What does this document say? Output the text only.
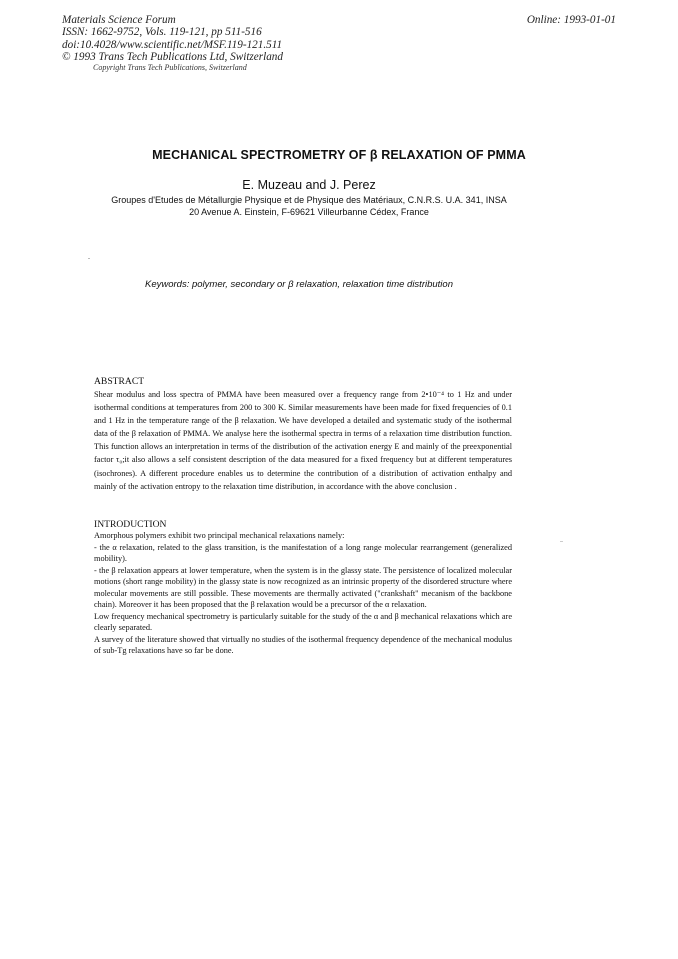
Materials Science Forum
ISSN: 1662-9752, Vols. 119-121, pp 511-516
doi:10.4028/www.scientific.net/MSF.119-121.511
© 1993 Trans Tech Publications Ltd, Switzerland
Copyright Trans Tech Publications, Switzerland
Online: 1993-01-01
MECHANICAL SPECTROMETRY OF β RELAXATION OF PMMA
E. Muzeau and J. Perez
Groupes d'Etudes de Métallurgie Physique et de Physique des Matériaux, C.N.R.S. U.A. 341, INSA
20 Avenue A. Einstein, F-69621 Villeurbanne Cédex, France
Keywords: polymer, secondary or β relaxation, relaxation time distribution
ABSTRACT

Shear modulus and loss spectra of PMMA have been measured over a frequency range from 2•10⁻⁴ to 1 Hz and under isothermal conditions at temperatures from 200 to 300 K. Similar measurements have been made for fixed frequencies of 0.1 and 1 Hz in the temperature range of the β relaxation. We have developed a detailed and systematic study of the isothermal data of the β relaxation of PMMA. We analyse here the isothermal spectra in terms of a relaxation time distribution function. This function allows an interpretation in terms of the distribution of the activation energy E and mainly of the preexponential factor τ₀;it also allows a self consistent description of the data measured for a fixed frequency but at different temperatures (isochrones). A different procedure enables us to determine the contribution of a distribution of activation enthalpy and mainly of the activation entropy to the relaxation time distribution, in accordance with the above conclusion .

INTRODUCTION

Amorphous polymers exhibit two principal mechanical relaxations namely:

- the α relaxation, related to the glass transition, is the manifestation of a long range molecular rearrangement (generalized mobility).

- the β relaxation appears at lower temperature, when the system is in the glassy state. The persistence of localized molecular motions (short range mobility) in the glassy state is now recognized as an intrinsic property of the disordered structure where molecular movements are still possible. These movements are thermally activated ("crankshaft" mecanism of the backbone chain). Moreover it has been proposed that the β relaxation would be a precursor of the α relaxation.

Low frequency mechanical spectrometry is particularly suitable for the study of the α and β mechanical relaxations which are clearly separated.

A survey of the literature showed that virtually no studies of the isothermal frequency dependence of the mechanical modulus of sub-Tg relaxations have so far be done.
